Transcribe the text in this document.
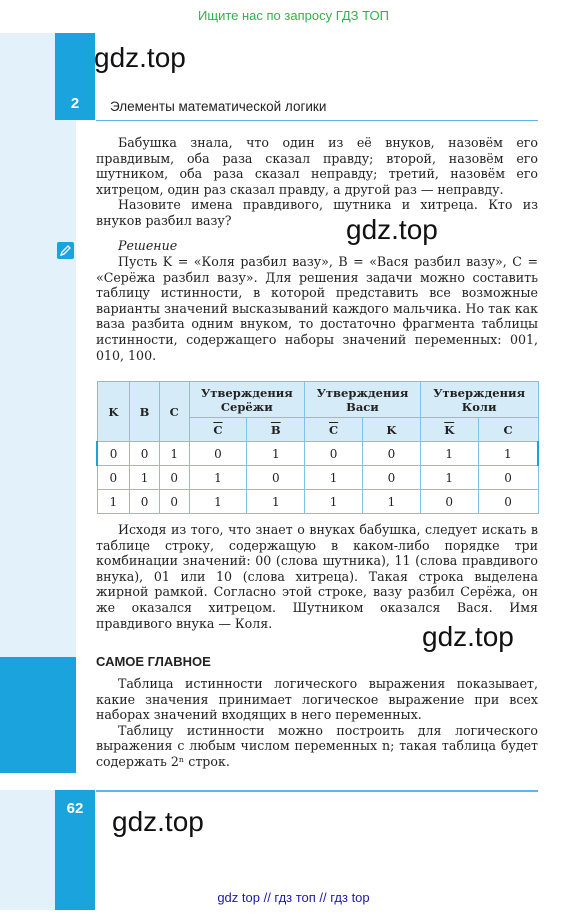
Ищите нас по запросу ГДЗ ТОП
2
gdz.top
Элементы математической логики
62

Бабушка знала, что один из её внуков, назовём его правдивым, оба раза сказал правду; второй, назовём его шутником, оба раза сказал неправду; третий, назовём его хитрецом, один раз сказал правду, а другой раз — неправду.

Назовите имена правдивого, шутника и хитреца. Кто из внуков разбил вазу?	gdz.top
Решение

Пусть K = «Коля разбил вазу», B = «Вася разбил вазу», C = «Серёжа разбил вазу». Для решения задачи можно составить таблицу истинности, в которой представить все возможные варианты значений высказываний каждого мальчика. Но так как ваза разбита одним внуком, то достаточно фрагмента таблицы истинности, содержащего наборы значений переменных: 001, 010, 100.

K	B	C	Утверждения Серёжи		Утверждения Васи		Утверждения Коли	
			$\overline{C}$	$\overline{B}$	$\overline{C}$	K	$\overline{K}$	C
0	0	1	0	1	0	0	1	1
0	1	0	1	0	1	0	1	0
1	0	0	1	1	1	1	0	0

Исходя из того, что знает о внуках бабушка, следует искать в таблице строку, содержащую в каком-либо порядке три комбинации значений: 00 (слова шутника), 11 (слова правдивого внука), 01 или 10 (слова хитреца). Такая строка выделена жирной рамкой. Согласно этой строке, вазу разбил Серёжа, он же оказался хитрецом. Шутником оказался Вася. Имя правдивого внука — Коля.	gdz.top
САМОЕ ГЛАВНОЕ

Таблица истинности логического выражения показывает, какие значения принимает логическое выражение при всех наборах значений входящих в него переменных.

Таблицу истинности можно построить для логического выражения с любым числом переменных n; такая таблица будет содержать 2ⁿ строк.

gdz.top
gdz top // гдз топ // гдз top
